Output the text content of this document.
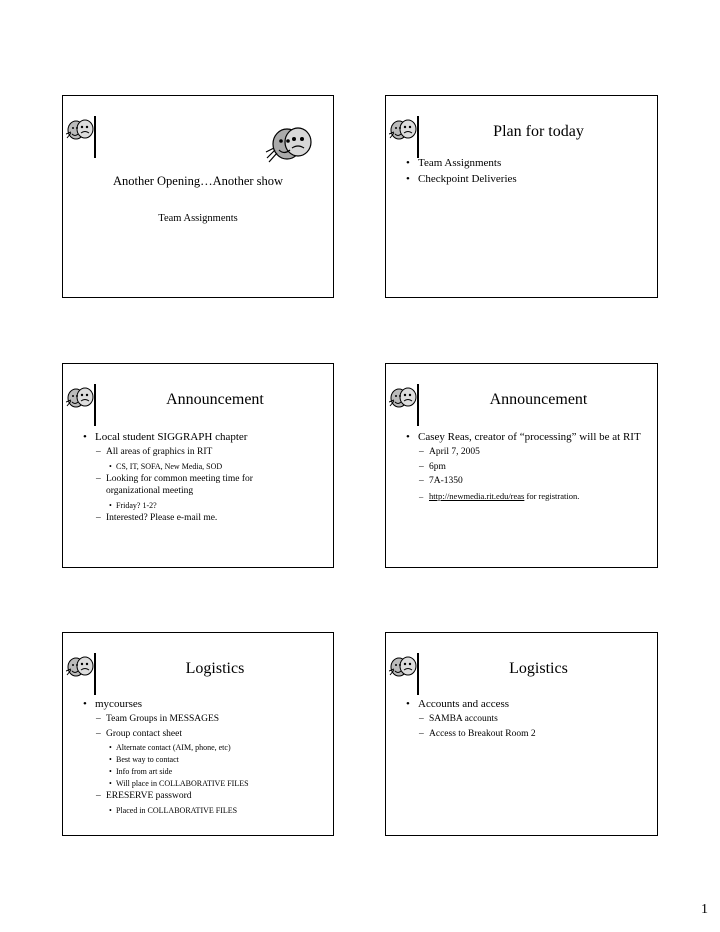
Another Opening…Another show
Team Assignments
Plan for today
• Team Assignments
• Checkpoint Deliveries
Announcement
• Local student SIGGRAPH chapter
– All areas of graphics in RIT
• CS, IT, SOFA, New Media, SOD
– Looking for common meeting time for organizational meeting
• Friday? 1-2?
– Interested? Please e-mail me.
Announcement
• Casey Reas, creator of “processing” will be at RIT
– April 7, 2005
– 6pm
– 7A-1350
– http://newmedia.rit.edu/reas for registration.
Logistics
• mycourses
– Team Groups in MESSAGES
– Group contact sheet
• Alternate contact (AIM, phone, etc)
• Best way to contact
• Info from art side
• Will place in COLLABORATIVE FILES
– ERESERVE password
• Placed in COLLABORATIVE FILES
Logistics
• Accounts and access
– SAMBA accounts
– Access to Breakout Room 2
1
